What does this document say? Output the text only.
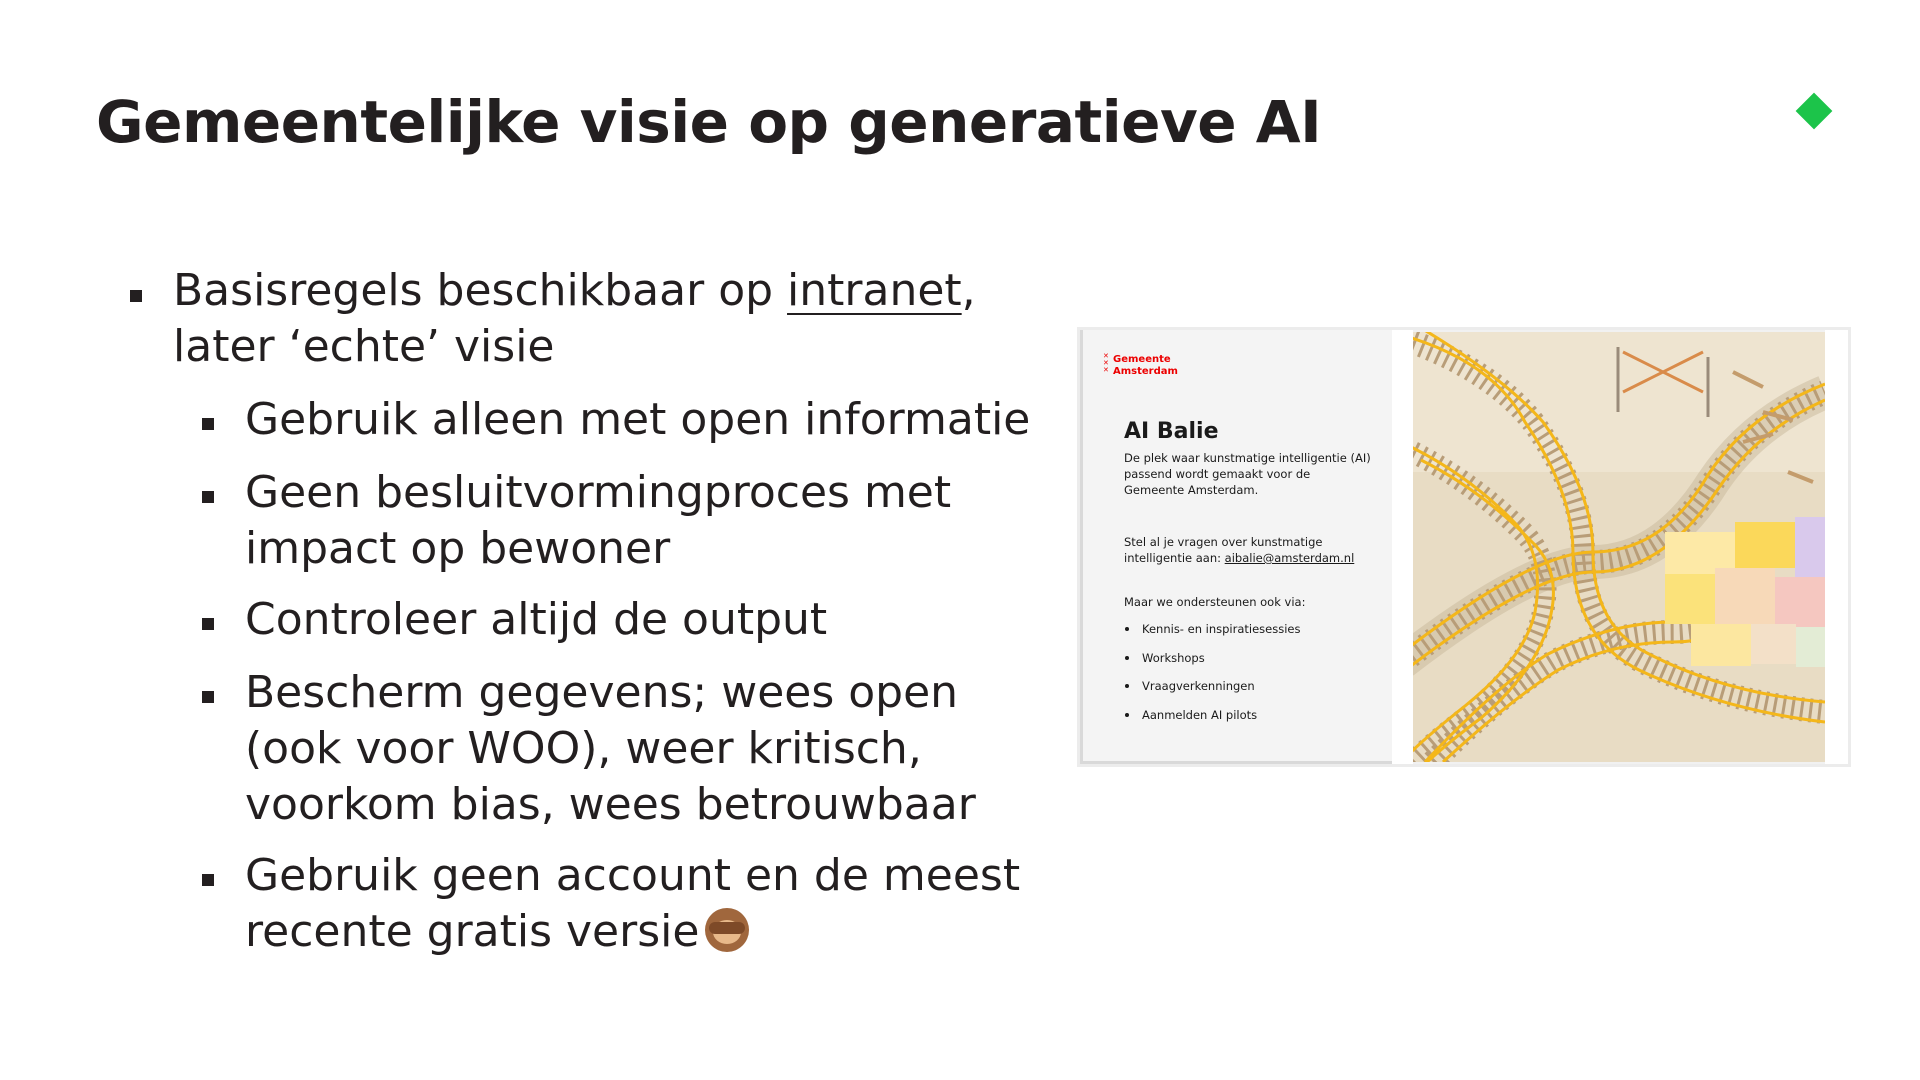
Gemeentelijke visie op generatieve AI
Basisregels beschikbaar op intranet,
later ‘echte’ visie
Gebruik alleen met open informatie
Geen besluitvormingproces met
impact op bewoner
Controleer altijd de output
Bescherm gegevens; wees open
(ook voor WOO), weer kritisch,
voorkom bias, wees betrouwbaar
Gebruik geen account en de meest
recente gratis versie
✕
✕
✕
Gemeente
Amsterdam
AI Balie

De plek waar kunstmatige intelligentie (AI) passend wordt gemaakt voor de Gemeente Amsterdam.

Stel al je vragen over kunstmatige intelligentie aan: aibalie@amsterdam.nl

Maar we ondersteunen ook via:

Kennis- en inspiratiesessies
Workshops
Vraagverkenningen
Aanmelden AI pilots
